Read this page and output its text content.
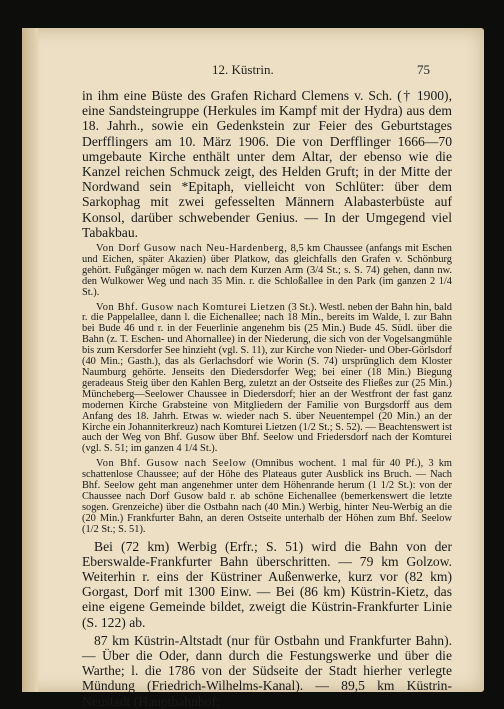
12. Küstrin.	75

in ihm eine Büste des Grafen Richard Clemens v. Sch. († 1900), eine Sandsteingruppe (Herkules im Kampf mit der Hydra) aus dem 18. Jahrh., sowie ein Gedenkstein zur Feier des Geburtstages Derfflingers am 10. März 1906. Die von Derfflinger 1666—70 umgebaute Kirche enthält unter dem Altar, der ebenso wie die Kanzel reichen Schmuck zeigt, des Helden Gruft; in der Mitte der Nordwand sein *Epitaph, vielleicht von Schlüter: über dem Sarkophag mit zwei gefesselten Männern Alabasterbüste auf Konsol, darüber schwebender Genius. — In der Umgegend viel Tabakbau.

Von Dorf Gusow nach Neu-Hardenberg, 8,5 km Chaussee (anfangs mit Eschen und Eichen, später Akazien) über Platkow, das gleichfalls den Grafen v. Schönburg gehört. Fußgänger mögen w. nach dem Kurzen Arm (3/4 St.; s. S. 74) gehen, dann nw. den Wulkower Weg und nach 35 Min. r. die Schloßallee in den Park (im ganzen 2 1/4 St.).

Von Bhf. Gusow nach Komturei Lietzen (3 St.). Westl. neben der Bahn hin, bald r. die Pappelallee, dann l. die Eichenallee; nach 18 Min., bereits im Walde, l. zur Bahn bei Bude 46 und r. in der Feuerlinie angenehm bis (25 Min.) Bude 45. Südl. über die Bahn (z. T. Eschen- und Ahornallee) in der Niederung, die sich von der Vogelsangmühle bis zum Kersdorfer See hinzieht (vgl. S. 11), zur Kirche von Nieder- und Ober-Görlsdorf (40 Min.; Gasth.), das als Gerlachsdorf wie Worin (S. 74) ursprünglich dem Kloster Naumburg gehörte. Jenseits den Diedersdorfer Weg; bei einer (18 Min.) Biegung geradeaus Steig über den Kahlen Berg, zuletzt an der Ostseite des Fließes zur (25 Min.) Müncheberg—Seelower Chaussee in Diedersdorf; hier an der Westfront der fast ganz modernen Kirche Grabsteine von Mitgliedern der Familie von Burgsdorff aus dem Anfang des 18. Jahrh. Etwas w. wieder nach S. über Neuentempel (20 Min.) an der Kirche ein Johanniterkreuz) nach Komturei Lietzen (1/2 St.; S. 52). — Beachtenswert ist auch der Weg von Bhf. Gusow über Bhf. Seelow und Friedersdorf nach der Komturei (vgl. S. 51; im ganzen 4 1/4 St.).

Von Bhf. Gusow nach Seelow (Omnibus wochent. 1 mal für 40 Pf.), 3 km schattenlose Chaussee; auf der Höhe des Plateaus guter Ausblick ins Bruch. — Nach Bhf. Seelow geht man angenehmer unter dem Höhenrande herum (1 1/2 St.): von der Chaussee nach Dorf Gusow bald r. ab schöne Eichenallee (bemerkenswert die letzte sogen. Grenzeiche) über die Ostbahn nach (40 Min.) Werbig, hinter Neu-Werbig an die (20 Min.) Frankfurter Bahn, an deren Ostseite unterhalb der Höhen zum Bhf. Seelow (1/2 St.; S. 51).

Bei (72 km) Werbig (Erfr.; S. 51) wird die Bahn von der Eberswalde-Frankfurter Bahn überschritten. — 79 km Golzow. Weiterhin r. eins der Küstriner Außenwerke, kurz vor (82 km) Gorgast, Dorf mit 1300 Einw. — Bei (86 km) Küstrin-Kietz, das eine eigene Gemeinde bildet, zweigt die Küstrin-Frankfurter Linie (S. 122) ab.

87 km Küstrin-Altstadt (nur für Ostbahn und Frankfurter Bahn). — Über die Oder, dann durch die Festungswerke und über die Warthe; l. die 1786 von der Südseite der Stadt hierher verlegte Mündung (Friedrich-Wilhelms-Kanal). — 89,5 km Küstrin-Neustadt (Hauptbahnhof;
